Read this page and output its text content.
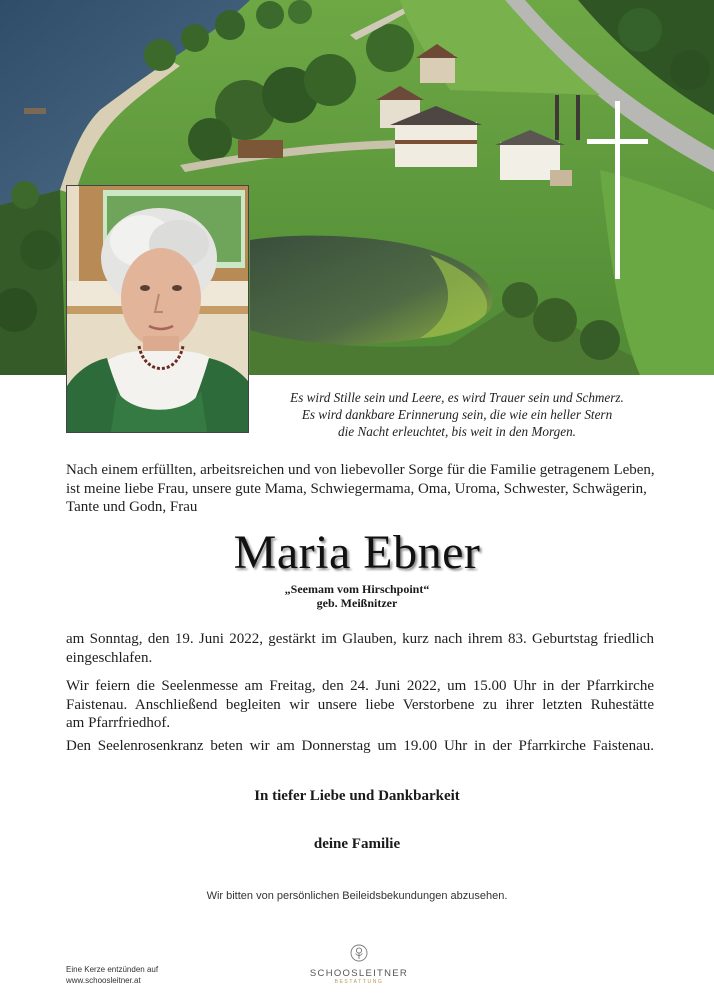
Es wird Stille sein und Leere, es wird Trauer sein und Schmerz.
Es wird dankbare Erinnerung sein, die wie ein heller Stern
die Nacht erleuchtet, bis weit in den Morgen.
Nach einem erfüllten, arbeitsreichen und von liebevoller Sorge für die Familie getragenem Leben,
ist meine liebe Frau, unsere gute Mama, Schwiegermama, Oma, Uroma, Schwester, Schwägerin,
Tante und Godn, Frau
Maria Ebner
„Seemam vom Hirschpoint“
geb. Meißnitzer
am Sonntag, den 19. Juni 2022, gestärkt im Glauben, kurz nach ihrem 83. Geburtstag friedlich
eingeschlafen.
Wir feiern die Seelenmesse am Freitag, den 24. Juni 2022, um 15.00 Uhr in der Pfarrkirche
Faistenau. Anschließend begleiten wir unsere liebe Verstorbene zu ihrer letzten Ruhestätte
am Pfarrfriedhof.
Den Seelenrosenkranz beten wir am Donnerstag um 19.00 Uhr in der Pfarrkirche Faistenau.
In tiefer Liebe und Dankbarkeit
deine Familie
Wir bitten von persönlichen Beileidsbekundungen abzusehen.
Eine Kerze entzünden auf
www.schoosleitner.at
SCHOOSLEITNER
BESTATTUNG
